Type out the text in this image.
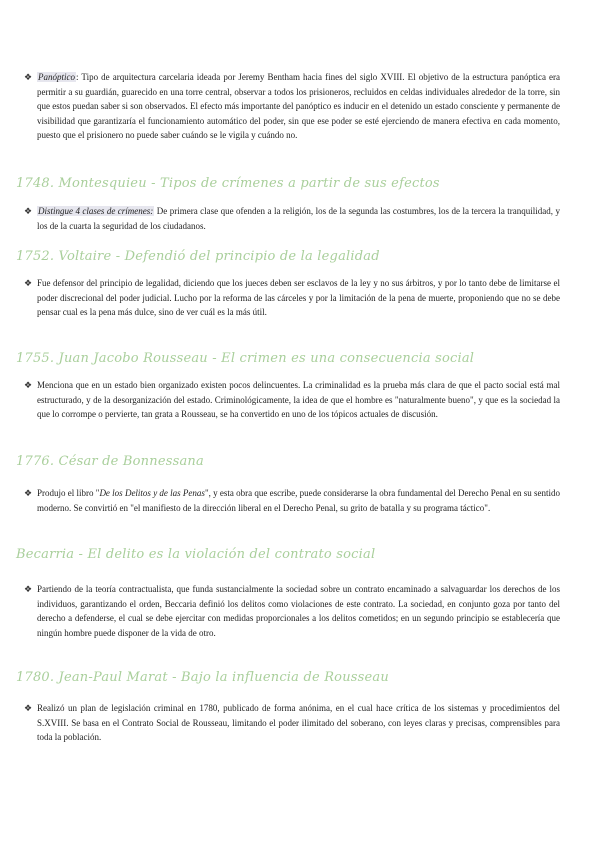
❖ Panóptico: Tipo de arquitectura carcelaria ideada por Jeremy Bentham hacia fines del siglo XVIII. El objetivo de la estructura panóptica era permitir a su guardián, guarecido en una torre central, observar a todos los prisioneros, recluidos en celdas individuales alrededor de la torre, sin que estos puedan saber si son observados. El efecto más importante del panóptico es inducir en el detenido un estado consciente y permanente de visibilidad que garantizaría el funcionamiento automático del poder, sin que ese poder se esté ejerciendo de manera efectiva en cada momento, puesto que el prisionero no puede saber cuándo se le vigila y cuándo no.
1748. Montesquieu - Tipos de crímenes a partir de sus efectos
❖ Distingue 4 clases de crímenes: De primera clase que ofenden a la religión, los de la segunda las costumbres, los de la tercera la tranquilidad, y los de la cuarta la seguridad de los ciudadanos.
1752. Voltaire - Defendió del principio de la legalidad
❖ Fue defensor del principio de legalidad, diciendo que los jueces deben ser esclavos de la ley y no sus árbitros, y por lo tanto debe de limitarse el poder discrecional del poder judicial. Lucho por la reforma de las cárceles y por la limitación de la pena de muerte, proponiendo que no se debe pensar cual es la pena más dulce, sino de ver cuál es la más útil.
1755. Juan Jacobo Rousseau - El crimen es una consecuencia social
❖ Menciona que en un estado bien organizado existen pocos delincuentes. La criminalidad es la prueba más clara de que el pacto social está mal estructurado, y de la desorganización del estado. Criminológicamente, la idea de que el hombre es "naturalmente bueno", y que es la sociedad la que lo corrompe o pervierte, tan grata a Rousseau, se ha convertido en uno de los tópicos actuales de discusión.
1776. César de Bonnessana
❖ Produjo el libro "De los Delitos y de las Penas", y esta obra que escribe, puede considerarse la obra fundamental del Derecho Penal en su sentido moderno. Se convirtió en "el manifiesto de la dirección liberal en el Derecho Penal, su grito de batalla y su programa táctico".
Becarria - El delito es la violación del contrato social
❖ Partiendo de la teoría contractualista, que funda sustancialmente la sociedad sobre un contrato encaminado a salvaguardar los derechos de los individuos, garantizando el orden, Beccaria definió los delitos como violaciones de este contrato. La sociedad, en conjunto goza por tanto del derecho a defenderse, el cual se debe ejercitar con medidas proporcionales a los delitos cometidos; en un segundo principio se establecería que ningún hombre puede disponer de la vida de otro.
1780. Jean-Paul Marat - Bajo la influencia de Rousseau
❖ Realizó un plan de legislación criminal en 1780, publicado de forma anónima, en el cual hace crítica de los sistemas y procedimientos del S.XVIII. Se basa en el Contrato Social de Rousseau, limitando el poder ilimitado del soberano, con leyes claras y precisas, comprensibles para toda la población.
